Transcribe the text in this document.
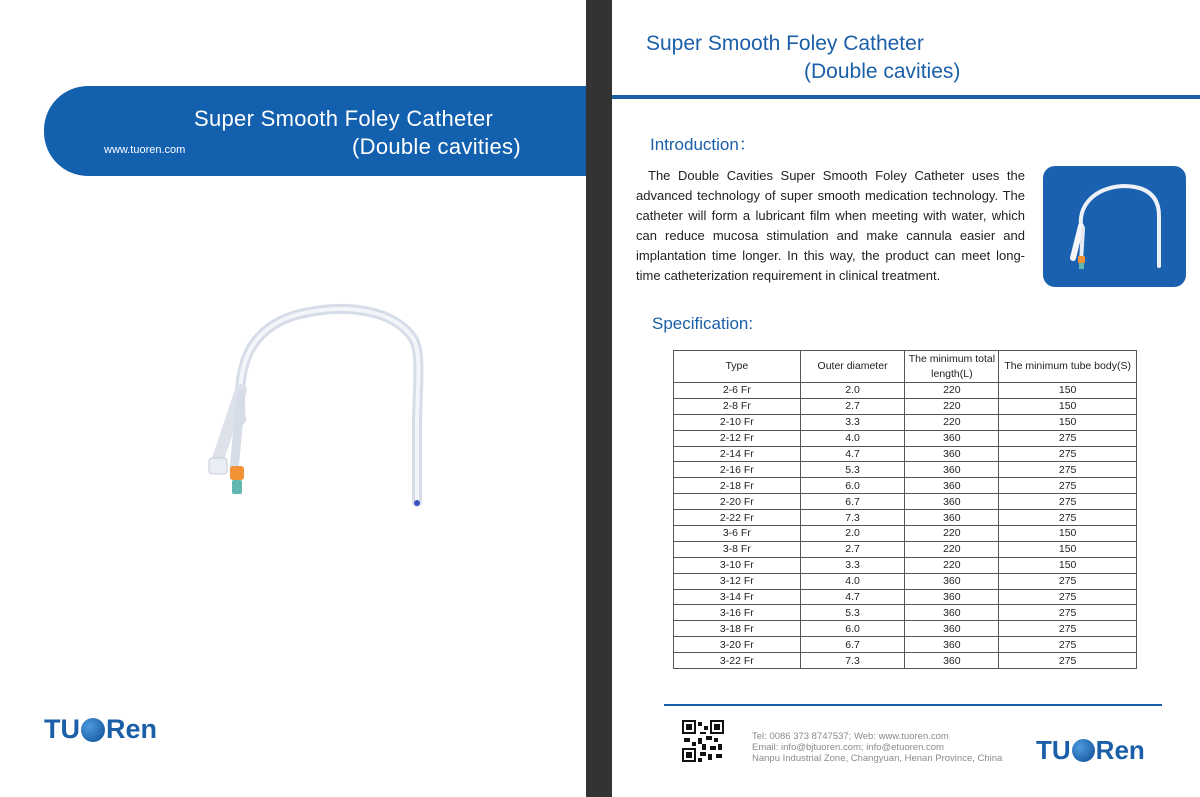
Super Smooth Foley Catheter
(Double cavities)
www.tuoren.com
TU Ren
Super Smooth Foley Catheter
(Double cavities)
Introduction：

The Double Cavities Super Smooth Foley Catheter uses the advanced technology of super smooth medication technology. The catheter will form a lubricant film when meeting with water, which can reduce mucosa stimulation and make cannula easier and implantation time longer. In this way, the product can meet long-time catheterization requirement in clinical treatment.

Specification:
Type	Outer diameter	The minimum total length(L)	The minimum tube body(S)
2-6 Fr	2.0	220	150
2-8 Fr	2.7	220	150
2-10 Fr	3.3	220	150
2-12 Fr	4.0	360	275
2-14 Fr	4.7	360	275
2-16 Fr	5.3	360	275
2-18 Fr	6.0	360	275
2-20 Fr	6.7	360	275
2-22 Fr	7.3	360	275
3-6 Fr	2.0	220	150
3-8 Fr	2.7	220	150
3-10 Fr	3.3	220	150
3-12 Fr	4.0	360	275
3-14 Fr	4.7	360	275
3-16 Fr	5.3	360	275
3-18 Fr	6.0	360	275
3-20 Fr	6.7	360	275
3-22 Fr	7.3	360	275
Tel: 0086 373 8747537; Web: www.tuoren.com
Email: info@bjtuoren.com; info@etuoren.com
Nanpu Industrial Zone, Changyuan, Henan Province, China TU Ren
